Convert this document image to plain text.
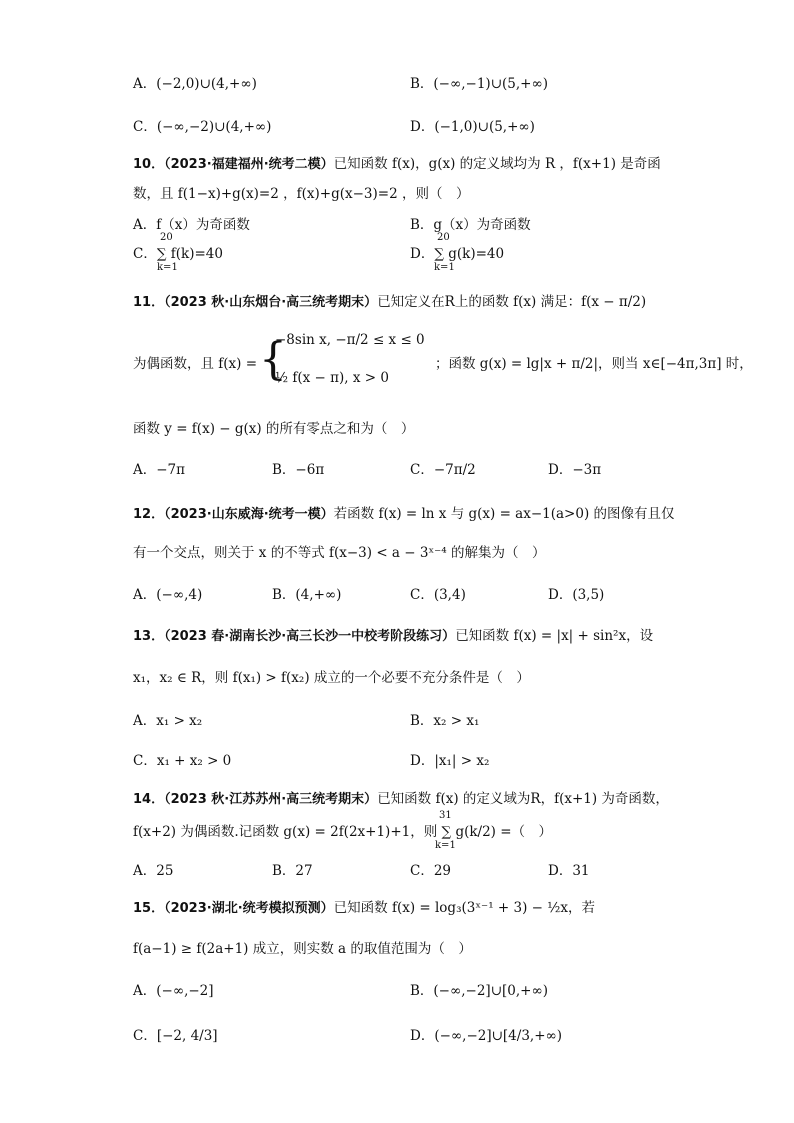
A．(−2,0)∪(4,+∞)	B．(−∞,−1)∪(5,+∞)
C．(−∞,−2)∪(4,+∞)	D．(−1,0)∪(5,+∞)
10．（2023·福建福州·统考二模）已知函数 f(x)，g(x) 的定义域均为 R ，f(x+1) 是奇函
数，且 f(1−x)+g(x)=2 ，f(x)+g(x−3)=2 ，则（　）
A．f（x）为奇函数	B．g（x）为奇函数
C．∑ f(k)=40
20
k=1
D．∑ g(k)=40
20
k=1
11．（2023 秋·山东烟台·高三统考期末）已知定义在R上的函数 f(x) 满足：f(x − π/2)
为偶函数，且 f(x) = {
−8sin x, −π/2 ≤ x ≤ 0
½ f(x − π), x > 0
；函数 g(x) = lg|x + π/2|，则当 x∈[−4π,3π] 时，
函数 y = f(x) − g(x) 的所有零点之和为（　）
A．−7π	B．−6π	C．−7π/2	D．−3π
12．（2023·山东威海·统考一模）若函数 f(x) = ln x 与 g(x) = ax−1(a>0) 的图像有且仅
有一个交点，则关于 x 的不等式 f(x−3) < a − 3ˣ⁻⁴ 的解集为（　）
A．(−∞,4)	B．(4,+∞)	C．(3,4)	D．(3,5)
13．（2023 春·湖南长沙·高三长沙一中校考阶段练习）已知函数 f(x) = |x| + sin²x，设
x₁，x₂ ∈ R，则 f(x₁) > f(x₂) 成立的一个必要不充分条件是（　）
A．x₁ > x₂	B．x₂ > x₁
C．x₁ + x₂ > 0	D．|x₁| > x₂
14．（2023 秋·江苏苏州·高三统考期末）已知函数 f(x) 的定义域为R，f(x+1) 为奇函数，
f(x+2) 为偶函数.记函数 g(x) = 2f(2x+1)+1，则 ∑ g(k/2) =（　）
31
k=1
A．25	B．27	C．29	D．31
15．（2023·湖北·统考模拟预测）已知函数 f(x) = log₃(3ˣ⁻¹ + 3) − ½x，若
f(a−1) ≥ f(2a+1) 成立，则实数 a 的取值范围为（　）
A．(−∞,−2]	B．(−∞,−2]∪[0,+∞)
C．[−2, 4/3]	D．(−∞,−2]∪[4/3,+∞)
